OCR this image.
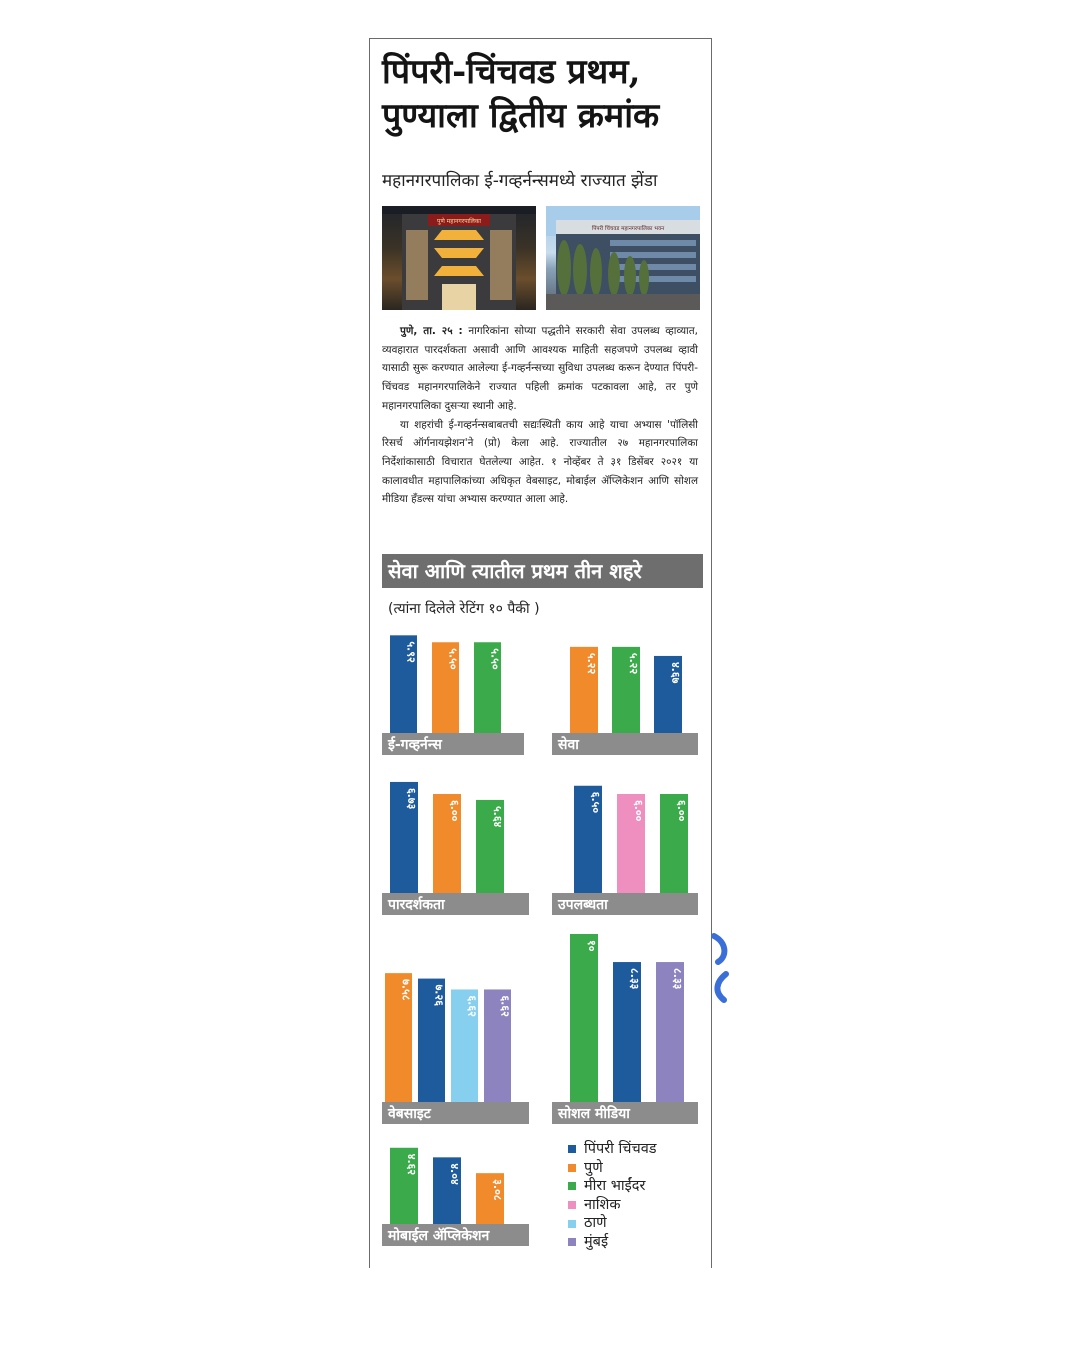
पिंपरी-चिंचवड प्रथम,
पुण्याला द्वितीय क्रमांक

महानगरपालिका ई-गव्हर्नन्समध्ये राज्यात झेंडा

पुणे महानगरपालिका
पिंपरी चिंचवड महानगरपालिका भवन

पुणे, ता. २५ : नागरिकांना सोप्या पद्धतीने सरकारी सेवा उपलब्ध व्हाव्यात, व्यवहारात पारदर्शकता असावी आणि आवश्यक माहिती सहजपणे उपलब्ध व्हावी यासाठी सुरू करण्यात आलेल्या ई-गव्हर्नन्सच्या सुविधा उपलब्ध करून देण्यात पिंपरी-चिंचवड महानगरपालिकेने राज्यात पहिली क्रमांक पटकावला आहे, तर पुणे महानगरपालिका दुसऱ्या स्थानी आहे.

या शहरांची ई-गव्हर्नन्सबाबतची सद्यःस्थिती काय आहे याचा अभ्यास 'पॉलिसी रिसर्च ऑर्गनायझेशन'ने (प्रो) केला आहे. राज्यातील २७ महानगरपालिका निर्देशांकासाठी विचारात घेतलेल्या आहेत. १ नोव्हेंबर ते ३१ डिसेंबर २०२१ या कालावधीत महापालिकांच्या अधिकृत वेबसाइट, मोबाईल ॲप्लिकेशन आणि सोशल मीडिया हँडल्स यांचा अभ्यास करण्यात आला आहे.

सेवा आणि त्यातील प्रथम तीन शहरे

(त्यांना दिलेले रेटिंग १० पैकी )

५.९२	५.५०	५.५०
ई-गव्हर्नन्स
५.२२	५.२२	४.६७
सेवा
६.७३
६.००	५.६४
पारदर्शकता
६.५०	६.००	६.००
उपलब्धता
७.५८ ७.२६
६.६२ ६.६२
वेबसाइट
१०
८.३३	८.३३
सोशल मीडिया
४.६२	४.०४
३.०८
मोबाईल ॲप्लिकेशन
पिंपरी चिंचवड
पुणे
मीरा भाईंदर
नाशिक
ठाणे
मुंबई
